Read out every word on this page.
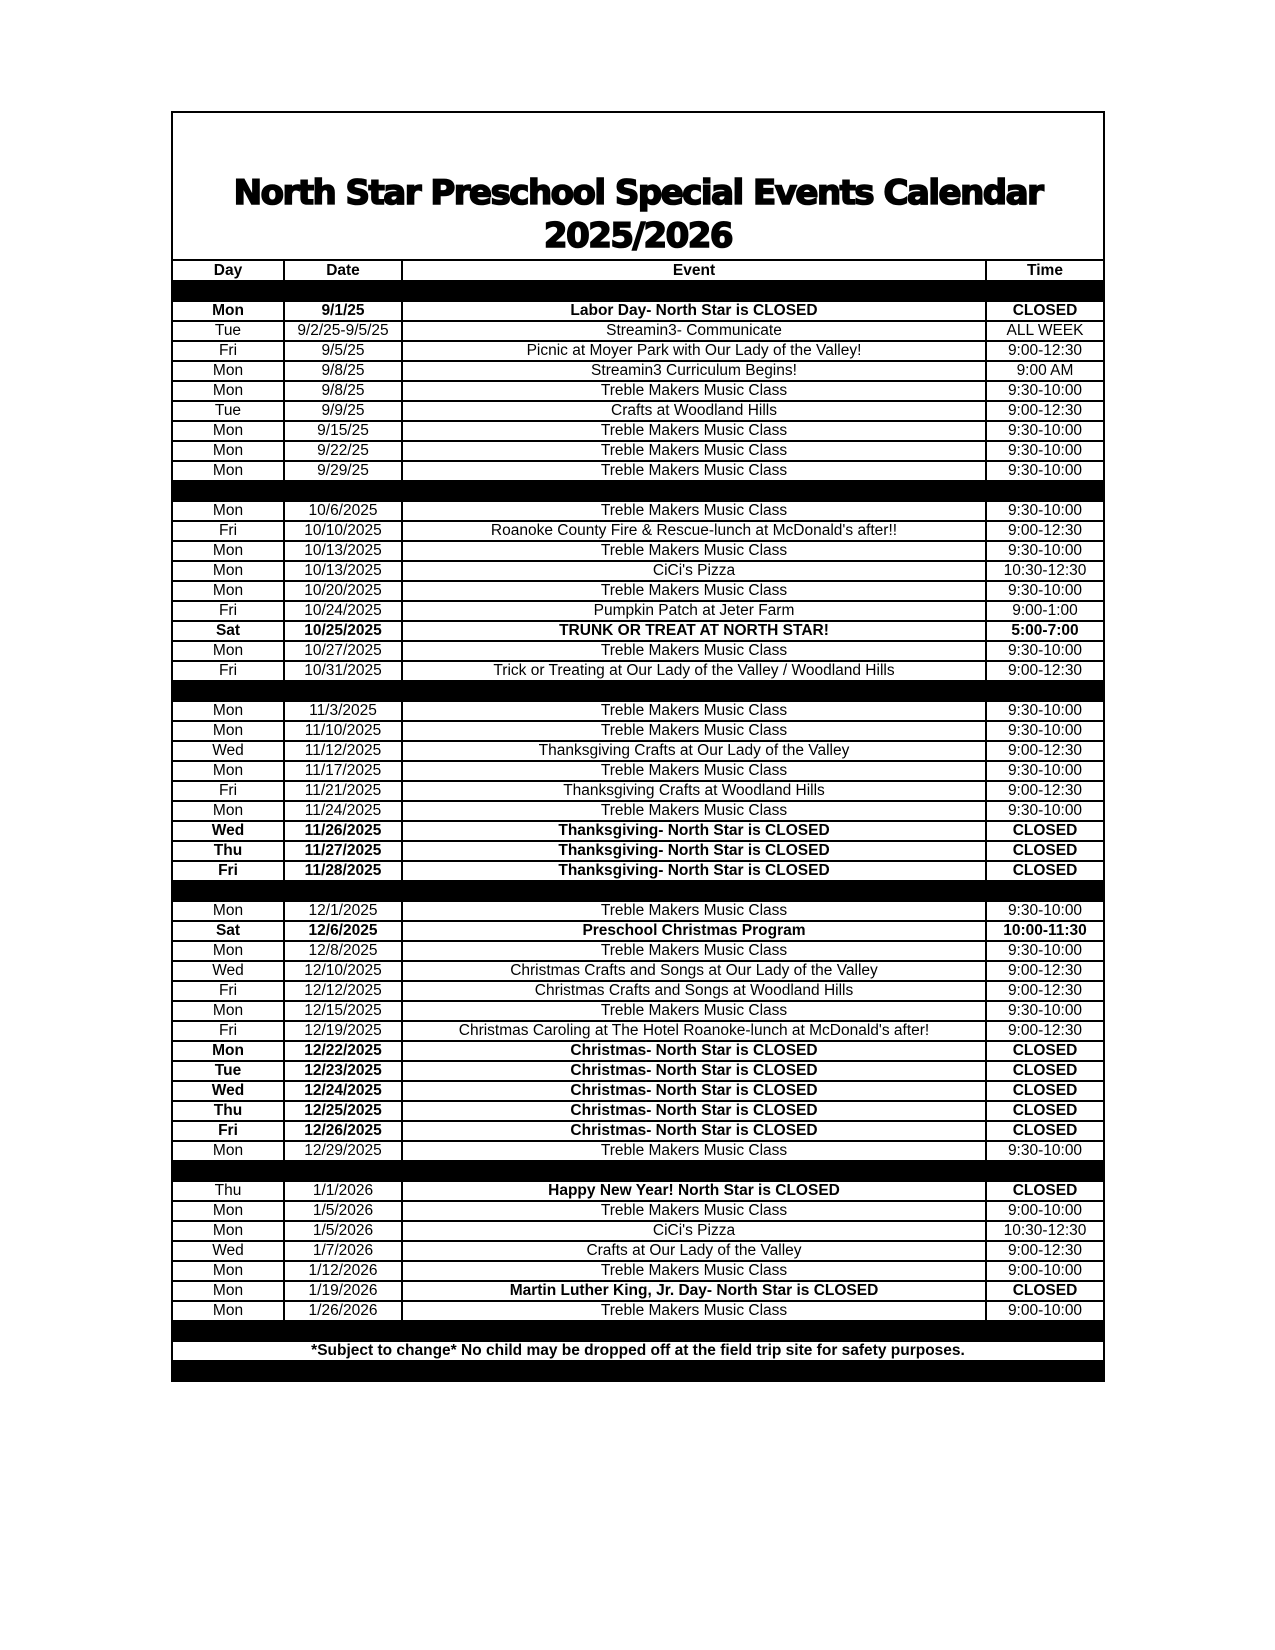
North Star Preschool Special Events Calendar
2025/2026
Day	Date	Event	Time

Mon	9/1/25	Labor Day- North Star is CLOSED	CLOSED
Tue	9/2/25-9/5/25	Streamin3- Communicate	ALL WEEK
Fri	9/5/25	Picnic at Moyer Park with Our Lady of the Valley!	9:00-12:30
Mon	9/8/25	Streamin3 Curriculum Begins!	9:00 AM
Mon	9/8/25	Treble Makers Music Class	9:30-10:00
Tue	9/9/25	Crafts at Woodland Hills	9:00-12:30
Mon	9/15/25	Treble Makers Music Class	9:30-10:00
Mon	9/22/25	Treble Makers Music Class	9:30-10:00
Mon	9/29/25	Treble Makers Music Class	9:30-10:00

Mon	10/6/2025	Treble Makers Music Class	9:30-10:00
Fri	10/10/2025	Roanoke County Fire & Rescue-lunch at McDonald's after!!	9:00-12:30
Mon	10/13/2025	Treble Makers Music Class	9:30-10:00
Mon	10/13/2025	CiCi's Pizza	10:30-12:30
Mon	10/20/2025	Treble Makers Music Class	9:30-10:00
Fri	10/24/2025	Pumpkin Patch at Jeter Farm	9:00-1:00
Sat	10/25/2025	TRUNK OR TREAT AT NORTH STAR!	5:00-7:00
Mon	10/27/2025	Treble Makers Music Class	9:30-10:00
Fri	10/31/2025	Trick or Treating at Our Lady of the Valley / Woodland Hills	9:00-12:30

Mon	11/3/2025	Treble Makers Music Class	9:30-10:00
Mon	11/10/2025	Treble Makers Music Class	9:30-10:00
Wed	11/12/2025	Thanksgiving Crafts at Our Lady of the Valley	9:00-12:30
Mon	11/17/2025	Treble Makers Music Class	9:30-10:00
Fri	11/21/2025	Thanksgiving Crafts at Woodland Hills	9:00-12:30
Mon	11/24/2025	Treble Makers Music Class	9:30-10:00
Wed	11/26/2025	Thanksgiving- North Star is CLOSED	CLOSED
Thu	11/27/2025	Thanksgiving- North Star is CLOSED	CLOSED
Fri	11/28/2025	Thanksgiving- North Star is CLOSED	CLOSED

Mon	12/1/2025	Treble Makers Music Class	9:30-10:00
Sat	12/6/2025	Preschool Christmas Program	10:00-11:30
Mon	12/8/2025	Treble Makers Music Class	9:30-10:00
Wed	12/10/2025	Christmas Crafts and Songs at Our Lady of the Valley	9:00-12:30
Fri	12/12/2025	Christmas Crafts and Songs at Woodland Hills	9:00-12:30
Mon	12/15/2025	Treble Makers Music Class	9:30-10:00
Fri	12/19/2025	Christmas Caroling at The Hotel Roanoke-lunch at McDonald's after!	9:00-12:30
Mon	12/22/2025	Christmas- North Star is CLOSED	CLOSED
Tue	12/23/2025	Christmas- North Star is CLOSED	CLOSED
Wed	12/24/2025	Christmas- North Star is CLOSED	CLOSED
Thu	12/25/2025	Christmas- North Star is CLOSED	CLOSED
Fri	12/26/2025	Christmas- North Star is CLOSED	CLOSED
Mon	12/29/2025	Treble Makers Music Class	9:30-10:00

Thu	1/1/2026	Happy New Year! North Star is CLOSED	CLOSED
Mon	1/5/2026	Treble Makers Music Class	9:00-10:00
Mon	1/5/2026	CiCi's Pizza	10:30-12:30
Wed	1/7/2026	Crafts at Our Lady of the Valley	9:00-12:30
Mon	1/12/2026	Treble Makers Music Class	9:00-10:00
Mon	1/19/2026	Martin Luther King, Jr. Day- North Star is CLOSED	CLOSED
Mon	1/26/2026	Treble Makers Music Class	9:00-10:00

*Subject to change* No child may be dropped off at the field trip site for safety purposes.			
